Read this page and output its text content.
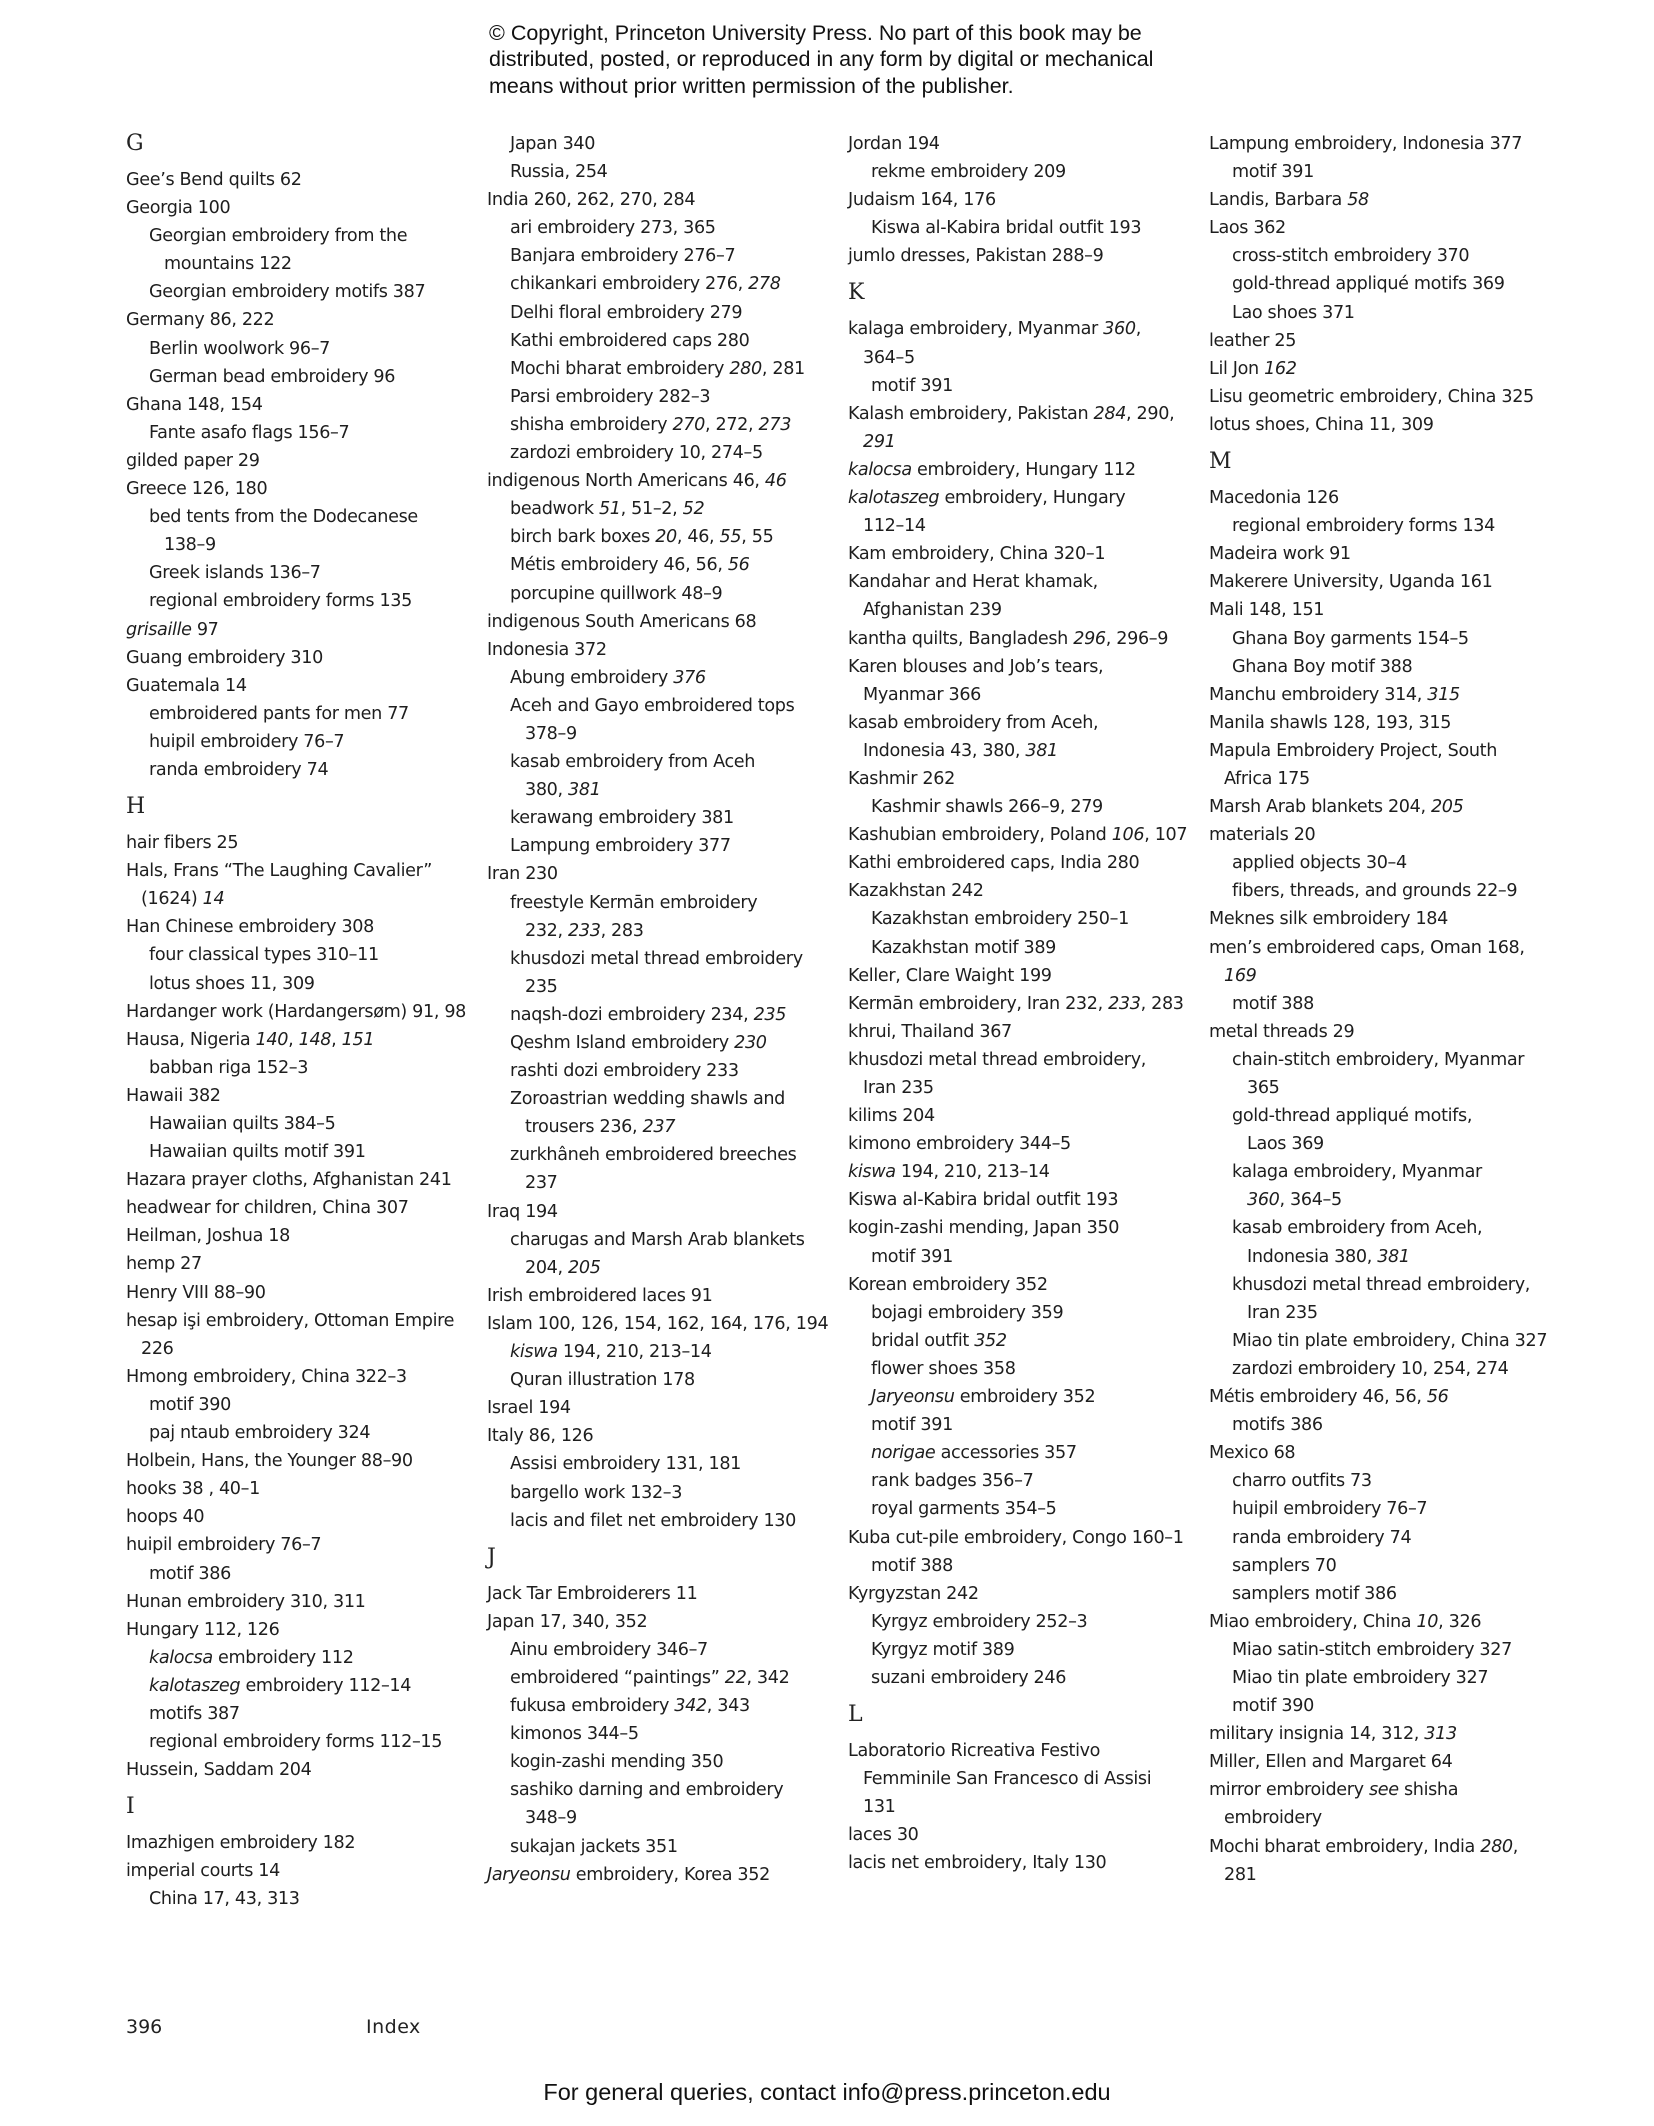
© Copyright, Princeton University Press. No part of this book may be
distributed, posted, or reproduced in any form by digital or mechanical
means without prior written permission of the publisher.
G
Gee’s Bend quilts 62
Georgia 100
Georgian embroidery from the
mountains 122
Georgian embroidery motifs 387
Germany 86, 222
Berlin woolwork 96–7
German bead embroidery 96
Ghana 148, 154
Fante asafo flags 156–7
gilded paper 29
Greece 126, 180
bed tents from the Dodecanese
138–9
Greek islands 136–7
regional embroidery forms 135
grisaille 97
Guang embroidery 310
Guatemala 14
embroidered pants for men 77
huipil embroidery 76–7
randa embroidery 74
H
hair fibers 25
Hals, Frans “The Laughing Cavalier”
(1624) 14
Han Chinese embroidery 308
four classical types 310–11
lotus shoes 11, 309
Hardanger work (Hardangersøm) 91, 98
Hausa, Nigeria 140, 148, 151
babban riga 152–3
Hawaii 382
Hawaiian quilts 384–5
Hawaiian quilts motif 391
Hazara prayer cloths, Afghanistan 241
headwear for children, China 307
Heilman, Joshua 18
hemp 27
Henry VIII 88–90
hesap işi embroidery, Ottoman Empire
226
Hmong embroidery, China 322–3
motif 390
paj ntaub embroidery 324
Holbein, Hans, the Younger 88–90
hooks 38 , 40–1
hoops 40
huipil embroidery 76–7
motif 386
Hunan embroidery 310, 311
Hungary 112, 126
kalocsa embroidery 112
kalotaszeg embroidery 112–14
motifs 387
regional embroidery forms 112–15
Hussein, Saddam 204
I
Imazhigen embroidery 182
imperial courts 14
China 17, 43, 313
Japan 340
Russia, 254
India 260, 262, 270, 284
ari embroidery 273, 365
Banjara embroidery 276–7
chikankari embroidery 276, 278
Delhi floral embroidery 279
Kathi embroidered caps 280
Mochi bharat embroidery 280, 281
Parsi embroidery 282–3
shisha embroidery 270, 272, 273
zardozi embroidery 10, 274–5
indigenous North Americans 46, 46
beadwork 51, 51–2, 52
birch bark boxes 20, 46, 55, 55
Métis embroidery 46, 56, 56
porcupine quillwork 48–9
indigenous South Americans 68
Indonesia 372
Abung embroidery 376
Aceh and Gayo embroidered tops
378–9
kasab embroidery from Aceh
380, 381
kerawang embroidery 381
Lampung embroidery 377
Iran 230
freestyle Kermān embroidery
232, 233, 283
khusdozi metal thread embroidery
235
naqsh-dozi embroidery 234, 235
Qeshm Island embroidery 230
rashti dozi embroidery 233
Zoroastrian wedding shawls and
trousers 236, 237
zurkhâneh embroidered breeches
237
Iraq 194
charugas and Marsh Arab blankets
204, 205
Irish embroidered laces 91
Islam 100, 126, 154, 162, 164, 176, 194
kiswa 194, 210, 213–14
Quran illustration 178
Israel 194
Italy 86, 126
Assisi embroidery 131, 181
bargello work 132–3
lacis and filet net embroidery 130
J
Jack Tar Embroiderers 11
Japan 17, 340, 352
Ainu embroidery 346–7
embroidered “paintings” 22, 342
fukusa embroidery 342, 343
kimonos 344–5
kogin-zashi mending 350
sashiko darning and embroidery
348–9
sukajan jackets 351
Jaryeonsu embroidery, Korea 352
Jordan 194
rekme embroidery 209
Judaism 164, 176
Kiswa al-Kabira bridal outfit 193
jumlo dresses, Pakistan 288–9
K
kalaga embroidery, Myanmar 360,
364–5
motif 391
Kalash embroidery, Pakistan 284, 290,
291
kalocsa embroidery, Hungary 112
kalotaszeg embroidery, Hungary
112–14
Kam embroidery, China 320–1
Kandahar and Herat khamak,
Afghanistan 239
kantha quilts, Bangladesh 296, 296–9
Karen blouses and Job’s tears,
Myanmar 366
kasab embroidery from Aceh,
Indonesia 43, 380, 381
Kashmir 262
Kashmir shawls 266–9, 279
Kashubian embroidery, Poland 106, 107
Kathi embroidered caps, India 280
Kazakhstan 242
Kazakhstan embroidery 250–1
Kazakhstan motif 389
Keller, Clare Waight 199
Kermān embroidery, Iran 232, 233, 283
khrui, Thailand 367
khusdozi metal thread embroidery,
Iran 235
kilims 204
kimono embroidery 344–5
kiswa 194, 210, 213–14
Kiswa al-Kabira bridal outfit 193
kogin-zashi mending, Japan 350
motif 391
Korean embroidery 352
bojagi embroidery 359
bridal outfit 352
flower shoes 358
Jaryeonsu embroidery 352
motif 391
norigae accessories 357
rank badges 356–7
royal garments 354–5
Kuba cut-pile embroidery, Congo 160–1
motif 388
Kyrgyzstan 242
Kyrgyz embroidery 252–3
Kyrgyz motif 389
suzani embroidery 246
L
Laboratorio Ricreativa Festivo
Femminile San Francesco di Assisi
131
laces 30
lacis net embroidery, Italy 130
Lampung embroidery, Indonesia 377
motif 391
Landis, Barbara 58
Laos 362
cross-stitch embroidery 370
gold-thread appliqué motifs 369
Lao shoes 371
leather 25
Lil Jon 162
Lisu geometric embroidery, China 325
lotus shoes, China 11, 309
M
Macedonia 126
regional embroidery forms 134
Madeira work 91
Makerere University, Uganda 161
Mali 148, 151
Ghana Boy garments 154–5
Ghana Boy motif 388
Manchu embroidery 314, 315
Manila shawls 128, 193, 315
Mapula Embroidery Project, South
Africa 175
Marsh Arab blankets 204, 205
materials 20
applied objects 30–4
fibers, threads, and grounds 22–9
Meknes silk embroidery 184
men’s embroidered caps, Oman 168,
169
motif 388
metal threads 29
chain-stitch embroidery, Myanmar
365
gold-thread appliqué motifs,
Laos 369
kalaga embroidery, Myanmar
360, 364–5
kasab embroidery from Aceh,
Indonesia 380, 381
khusdozi metal thread embroidery,
Iran 235
Miao tin plate embroidery, China 327
zardozi embroidery 10, 254, 274
Métis embroidery 46, 56, 56
motifs 386
Mexico 68
charro outfits 73
huipil embroidery 76–7
randa embroidery 74
samplers 70
samplers motif 386
Miao embroidery, China 10, 326
Miao satin-stitch embroidery 327
Miao tin plate embroidery 327
motif 390
military insignia 14, 312, 313
Miller, Ellen and Margaret 64
mirror embroidery see shisha
embroidery
Mochi bharat embroidery, India 280,
281
396	Index
For general queries, contact info@press.princeton.edu
